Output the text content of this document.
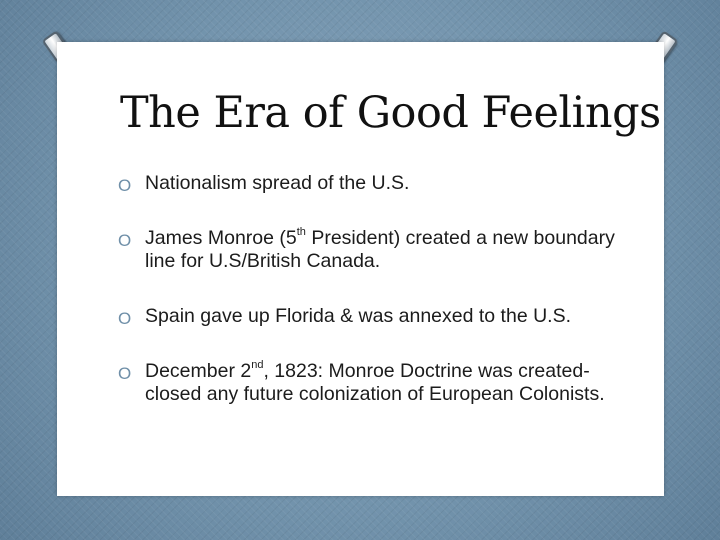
The Era of Good Feelings
O Nationalism spread of the U.S.
O James Monroe (5th President) created a new boundary line for U.S/British Canada.
O Spain gave up Florida & was annexed to the U.S.
O December 2nd, 1823: Monroe Doctrine was created- closed any future colonization of European Colonists.
